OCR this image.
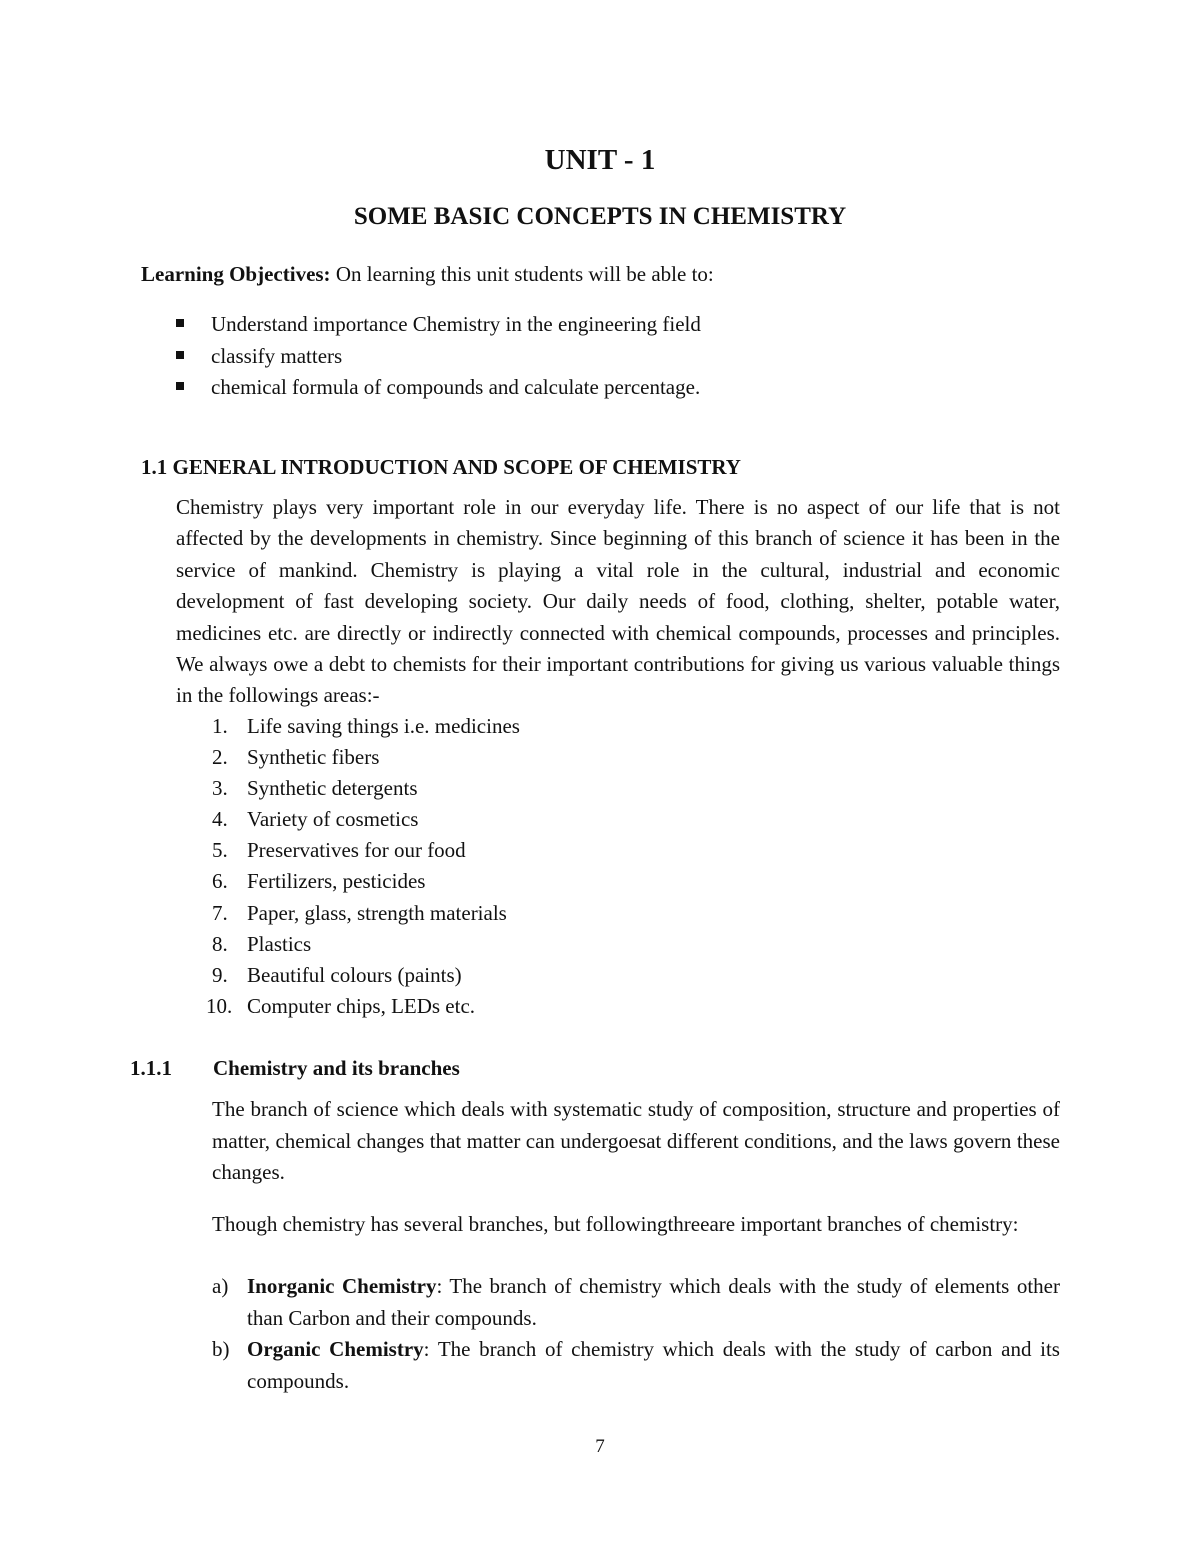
UNIT - 1
SOME BASIC CONCEPTS IN CHEMISTRY
Learning Objectives: On learning this unit students will be able to:
Understand importance Chemistry in the engineering field
classify matters
chemical formula of compounds and calculate percentage.
1.1 GENERAL INTRODUCTION AND SCOPE OF CHEMISTRY

Chemistry plays very important role in our everyday life. There is no aspect of our life that is not affected by the developments in chemistry. Since beginning of this branch of science it has been in the service of mankind. Chemistry is playing a vital role in the cultural, industrial and economic development of fast developing society. Our daily needs of food, clothing, shelter, potable water, medicines etc. are directly or indirectly connected with chemical compounds, processes and principles. We always owe a debt to chemists for their important contributions for giving us various valuable things in the followings areas:-

1. Life saving things i.e. medicines
2. Synthetic fibers
3. Synthetic detergents
4. Variety of cosmetics
5. Preservatives for our food
6. Fertilizers, pesticides
7. Paper, glass, strength materials
8. Plastics
9. Beautiful colours (paints)
10. Computer chips, LEDs etc.
1.1.1 Chemistry and its branches

The branch of science which deals with systematic study of composition, structure and properties of matter, chemical changes that matter can undergoesat different conditions, and the laws govern these changes.

Though chemistry has several branches, but followingthreeare important branches of chemistry:

a) Inorganic Chemistry: The branch of chemistry which deals with the study of elements other than Carbon and their compounds.
b) Organic Chemistry: The branch of chemistry which deals with the study of carbon and its compounds.
7
